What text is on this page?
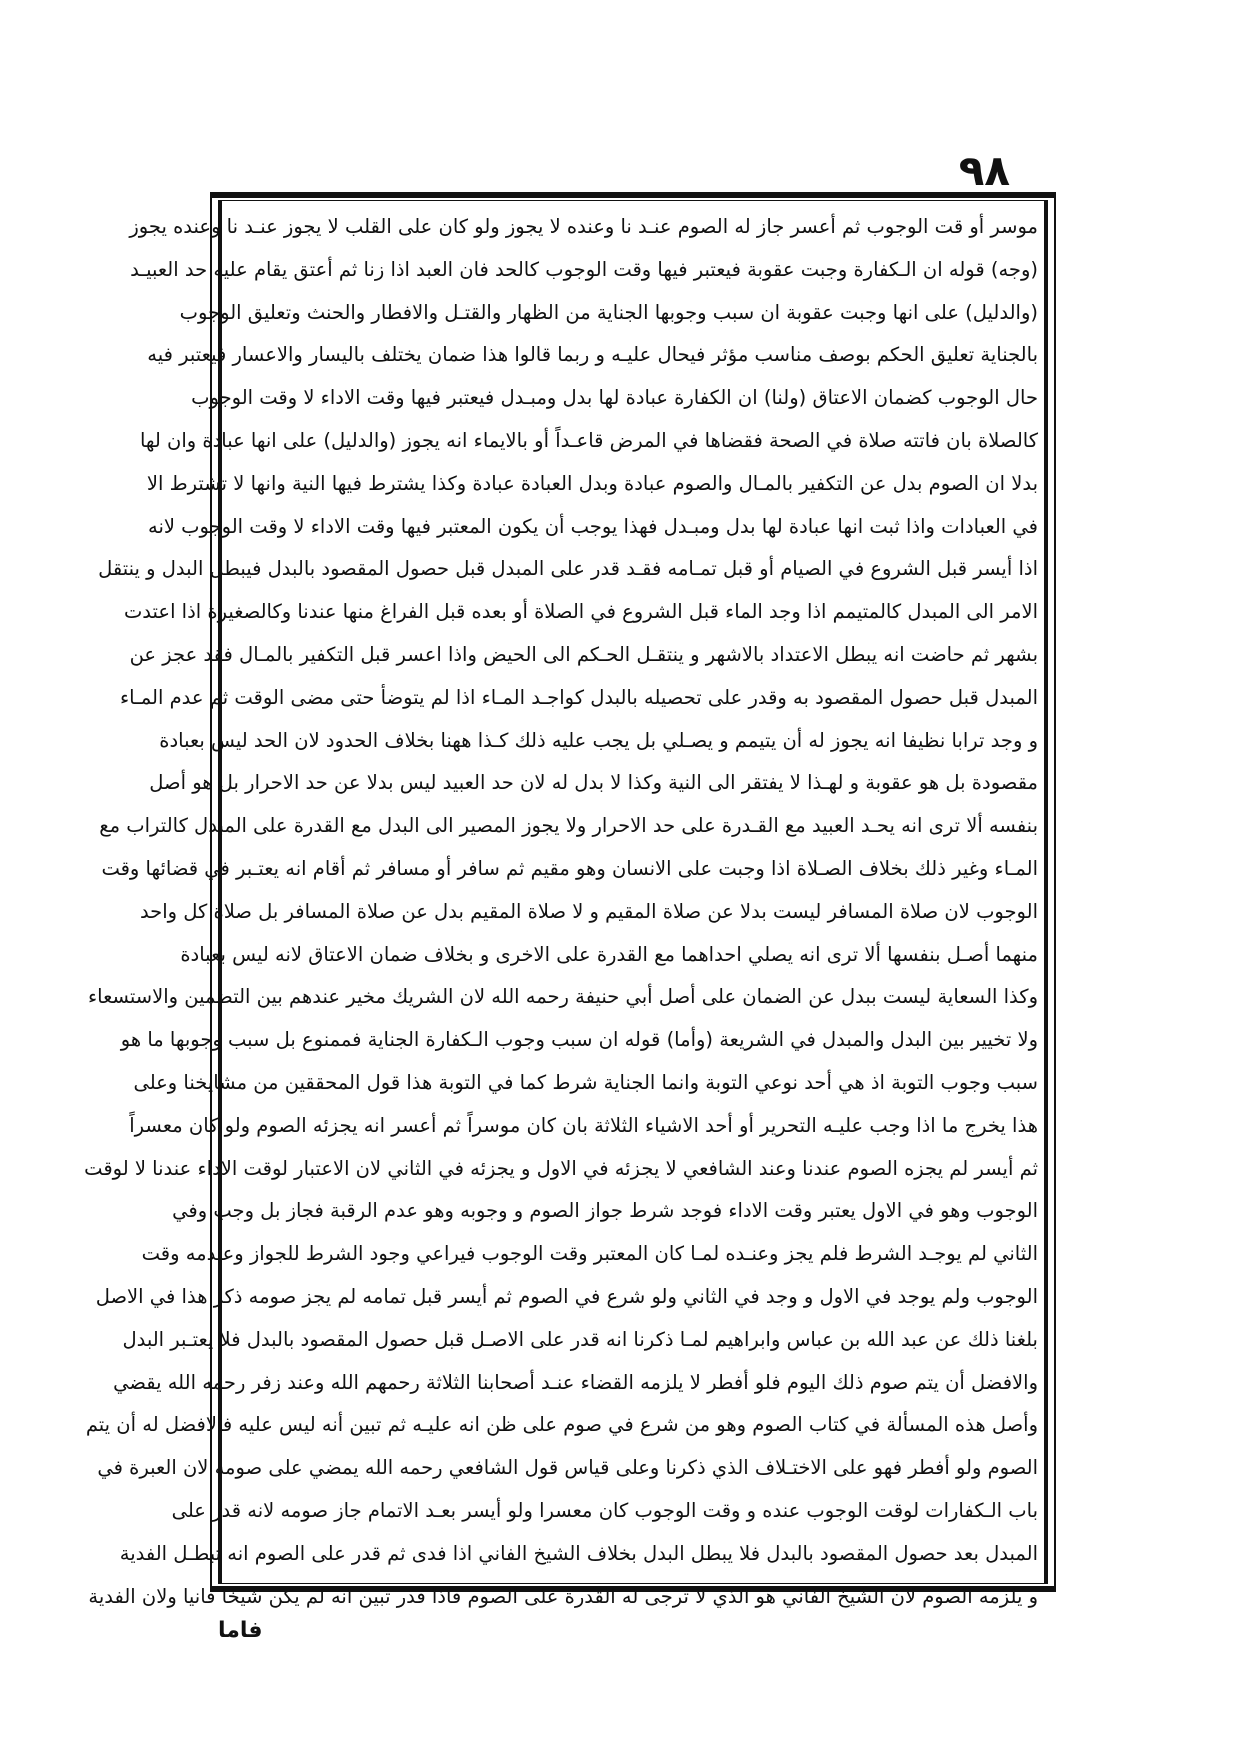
٩٨
موسر أو قت الوجوب ثم أعسر جاز له الصوم عنـد نا وعنده لا يجوز ولو كان على القلب لا يجوز عنـد نا وعنده يجوز
(وجه) قوله ان الـكفارة وجبت عقوبة فيعتبر فيها وقت الوجوب كالحد فان العبد اذا زنا ثم أعتق يقام عليه حد العبيـد
(والدليل) على انها وجبت عقوبة ان سبب وجوبها الجناية من الظهار والقتـل والافطار والحنث وتعليق الوجوب
بالجناية تعليق الحكم بوصف مناسب مؤثر فيحال عليـه و ربما قالوا هذا ضمان يختلف باليسار والاعسار فيعتبر فيه
حال الوجوب كضمان الاعتاق (ولنا) ان الكفارة عبادة لها بدل ومبـدل فيعتبر فيها وقت الاداء لا وقت الوجوب
كالصلاة بان فاتته صلاة في الصحة فقضاها في المرض قاعـداً أو بالايماء انه يجوز (والدليل) على انها عبادة وان لها
بدلا ان الصوم بدل عن التكفير بالمـال والصوم عبادة وبدل العبادة عبادة وكذا يشترط فيها النية وانها لا تشترط الا
في العبادات واذا ثبت انها عبادة لها بدل ومبـدل فهذا يوجب أن يكون المعتبر فيها وقت الاداء لا وقت الوجوب لانه
اذا أيسر قبل الشروع في الصيام أو قبل تمـامه فقـد قدر على المبدل قبل حصول المقصود بالبدل فيبطل البدل و ينتقل
الامر الى المبدل كالمتيمم اذا وجد الماء قبل الشروع في الصلاة أو بعده قبل الفراغ منها عندنا وكالصغيرة اذا اعتدت
بشهر ثم حاضت انه يبطل الاعتداد بالاشهر و ينتقـل الحـكم الى الحيض واذا اعسر قبل التكفير بالمـال فقد عجز عن
المبدل قبل حصول المقصود به وقدر على تحصيله بالبدل كواجـد المـاء اذا لم يتوضأ حتى مضى الوقت ثم عدم المـاء
و وجد ترابا نظيفا انه يجوز له أن يتيمم و يصـلي بل يجب عليه ذلك كـذا ههنا بخلاف الحدود لان الحد ليس بعبادة
مقصودة بل هو عقوبة و لهـذا لا يفتقر الى النية وكذا لا بدل له لان حد العبيد ليس بدلا عن حد الاحرار بل هو أصل
بنفسه ألا ترى انه يحـد العبيد مع القـدرة على حد الاحرار ولا يجوز المصير الى البدل مع القدرة على المبدل كالتراب مع
المـاء وغير ذلك بخلاف الصـلاة اذا وجبت على الانسان وهو مقيم ثم سافر أو مسافر ثم أقام انه يعتـبر في قضائها وقت
الوجوب لان صلاة المسافر ليست بدلا عن صلاة المقيم و لا صلاة المقيم بدل عن صلاة المسافر بل صلاة كل واحد
منهما أصـل بنفسها ألا ترى انه يصلي احداهما مع القدرة على الاخرى و بخلاف ضمان الاعتاق لانه ليس بعبادة
وكذا السعاية ليست ببدل عن الضمان على أصل أبي حنيفة رحمه الله لان الشريك مخير عندهم بين التضمين والاستسعاء
ولا تخيير بين البدل والمبدل في الشريعة (وأما) قوله ان سبب وجوب الـكفارة الجناية فممنوع بل سبب وجوبها ما هو
سبب وجوب التوبة اذ هي أحد نوعي التوبة وانما الجناية شرط كما في التوبة هذا قول المحققين من مشايخنا وعلى
هذا يخرج ما اذا وجب عليـه التحرير أو أحد الاشياء الثلاثة بان كان موسراً ثم أعسر انه يجزئه الصوم ولو كان معسراً
ثم أيسر لم يجزه الصوم عندنا وعند الشافعي لا يجزئه في الاول و يجزئه في الثاني لان الاعتبار لوقت الاداء عندنا لا لوقت
الوجوب وهو في الاول يعتبر وقت الاداء فوجد شرط جواز الصوم و وجوبه وهو عدم الرقبة فجاز بل وجب وفي
الثاني لم يوجـد الشرط فلم يجز وعنـده لمـا كان المعتبر وقت الوجوب فيراعي وجود الشرط للجواز وعـدمه وقت
الوجوب ولم يوجد في الاول و وجد في الثاني ولو شرع في الصوم ثم أيسر قبل تمامه لم يجز صومه ذكر هذا في الاصل
بلغنا ذلك عن عبد الله بن عباس وابراهيم لمـا ذكرنا انه قدر على الاصـل قبل حصول المقصود بالبدل فلا يعتـبر البدل
والافضل أن يتم صوم ذلك اليوم فلو أفطر لا يلزمه القضاء عنـد أصحابنا الثلاثة رحمهم الله وعند زفر رحمه الله يقضي
وأصل هذه المسألة في كتاب الصوم وهو من شرع في صوم على ظن انه عليـه ثم تبين أنه ليس عليه فالافضل له أن يتم
الصوم ولو أفطر فهو على الاختـلاف الذي ذكرنا وعلى قياس قول الشافعي رحمه الله يمضي على صومه لان العبرة في
باب الـكفارات لوقت الوجوب عنده و وقت الوجوب كان معسرا ولو أيسر بعـد الاتمام جاز صومه لانه قدر على
المبدل بعد حصول المقصود بالبدل فلا يبطل البدل بخلاف الشيخ الفاني اذا فدى ثم قدر على الصوم انه تبطـل الفدية
و يلزمه الصوم لان الشيخ الفاني هو الذي لا ترجى له القدرة على الصوم فاذا قدر تبين انه لم يكن شيخا فانيا ولان الفدية
فاما
